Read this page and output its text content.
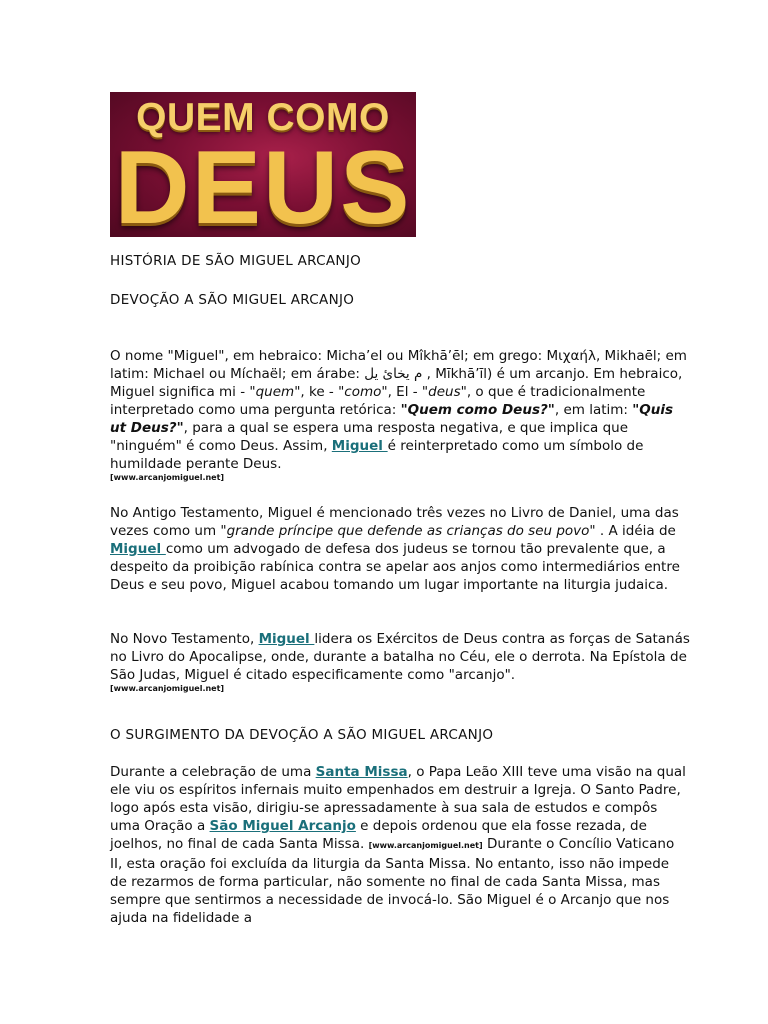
QUEM COMO
DEUS
HISTÓRIA DE SÃO MIGUEL ARCANJO
DEVOÇÃO A SÃO MIGUEL ARCANJO

O nome "Miguel", em hebraico: Micha’el ou Mîkhā’ēl; em grego: Μιχαήλ, Mikhaēl; em latim: Michael ou Míchaël; em árabe: م يخائ يل , Mīkhā’īl) é um arcanjo. Em hebraico, Miguel significa mi - "quem", ke - "como", El - "deus", o que é tradicionalmente interpretado como uma pergunta retórica: "Quem como Deus?", em latim: "Quis ut Deus?", para a qual se espera uma resposta negativa, e que implica que "ninguém" é como Deus. Assim, Miguel é reinterpretado como um símbolo de humildade perante Deus.

[www.arcanjomiguel.net]

No Antigo Testamento, Miguel é mencionado três vezes no Livro de Daniel, uma das vezes como um "grande príncipe que defende as crianças do seu povo" . A idéia de Miguel como um advogado de defesa dos judeus se tornou tão prevalente que, a despeito da proibição rabínica contra se apelar aos anjos como intermediários entre Deus e seu povo, Miguel acabou tomando um lugar importante na liturgia judaica.

No Novo Testamento, Miguel lidera os Exércitos de Deus contra as forças de Satanás no Livro do Apocalipse, onde, durante a batalha no Céu, ele o derrota. Na Epístola de São Judas, Miguel é citado especificamente como "arcanjo".

[www.arcanjomiguel.net]
O SURGIMENTO DA DEVOÇÃO A SÃO MIGUEL ARCANJO

Durante a celebração de uma Santa Missa, o Papa Leão XIII teve uma visão na qual ele viu os espíritos infernais muito empenhados em destruir a Igreja. O Santo Padre, logo após esta visão, dirigiu-se apressadamente à sua sala de estudos e compôs uma Oração a São Miguel Arcanjo e depois ordenou que ela fosse rezada, de joelhos, no final de cada Santa Missa. [www.arcanjomiguel.net] Durante o Concílio Vaticano II, esta oração foi excluída da liturgia da Santa Missa. No entanto, isso não impede de rezarmos de forma particular, não somente no final de cada Santa Missa, mas sempre que sentirmos a necessidade de invocá-lo. São Miguel é o Arcanjo que nos ajuda na fidelidade a
